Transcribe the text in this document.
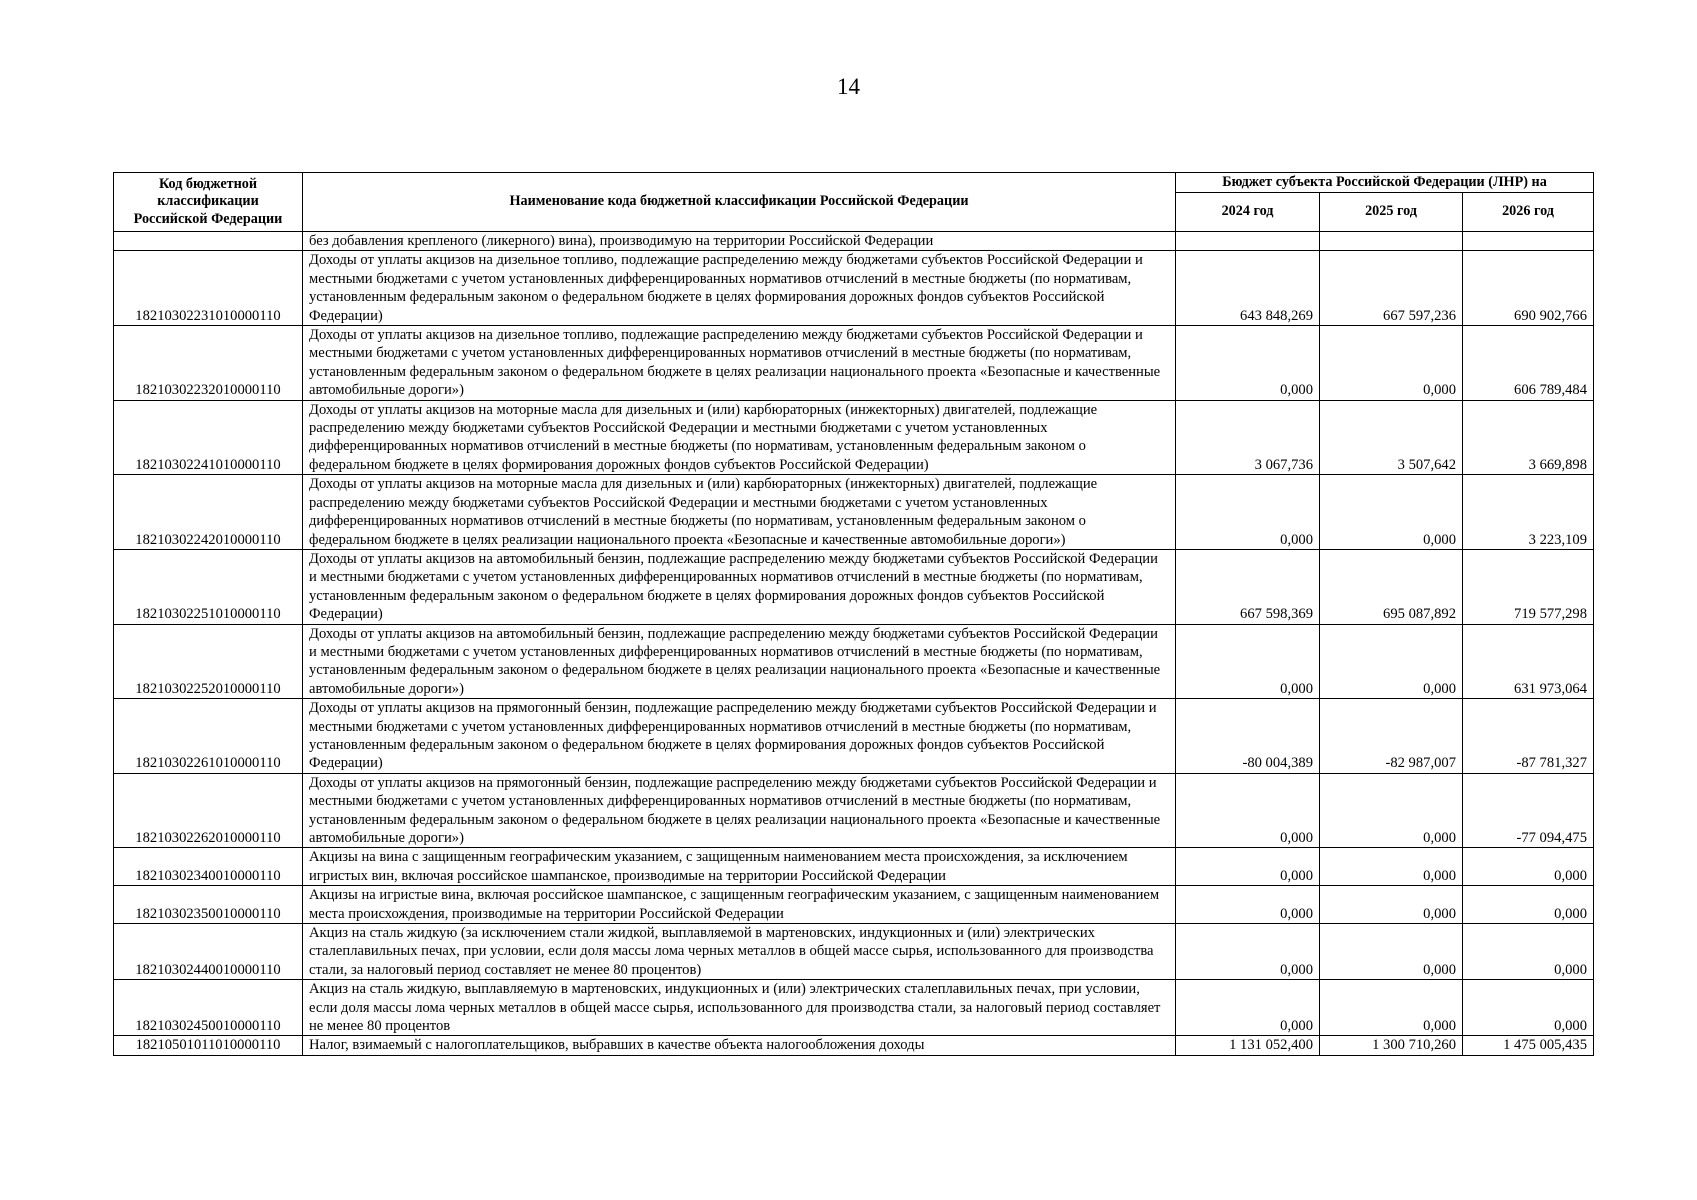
14
Код бюджетной классификации Российской Федерации	Наименование кода бюджетной классификации Российской Федерации	Бюджет субъекта Российской Федерации (ЛНР) на		
		2024 год	2025 год	2026 год
	без добавления крепленого (ликерного) вина), производимую на территории Российской Федерации			
18210302231010000110	Доходы от уплаты акцизов на дизельное топливо, подлежащие распределению между бюджетами субъектов Российской Федерации и местными бюджетами с учетом установленных дифференцированных нормативов отчислений в местные бюджеты (по нормативам, установленным федеральным законом о федеральном бюджете в целях формирования дорожных фондов субъектов Российской Федерации)	643 848,269	667 597,236	690 902,766
18210302232010000110	Доходы от уплаты акцизов на дизельное топливо, подлежащие распределению между бюджетами субъектов Российской Федерации и местными бюджетами с учетом установленных дифференцированных нормативов отчислений в местные бюджеты (по нормативам, установленным федеральным законом о федеральном бюджете в целях реализации национального проекта «Безопасные и качественные автомобильные дороги»)	0,000	0,000	606 789,484
18210302241010000110	Доходы от уплаты акцизов на моторные масла для дизельных и (или) карбюраторных (инжекторных) двигателей, подлежащие распределению между бюджетами субъектов Российской Федерации и местными бюджетами с учетом установленных дифференцированных нормативов отчислений в местные бюджеты (по нормативам, установленным федеральным законом о федеральном бюджете в целях формирования дорожных фондов субъектов Российской Федерации)	3 067,736	3 507,642	3 669,898
18210302242010000110	Доходы от уплаты акцизов на моторные масла для дизельных и (или) карбюраторных (инжекторных) двигателей, подлежащие распределению между бюджетами субъектов Российской Федерации и местными бюджетами с учетом установленных дифференцированных нормативов отчислений в местные бюджеты (по нормативам, установленным федеральным законом о федеральном бюджете в целях реализации национального проекта «Безопасные и качественные автомобильные дороги»)	0,000	0,000	3 223,109
18210302251010000110	Доходы от уплаты акцизов на автомобильный бензин, подлежащие распределению между бюджетами субъектов Российской Федерации и местными бюджетами с учетом установленных дифференцированных нормативов отчислений в местные бюджеты (по нормативам, установленным федеральным законом о федеральном бюджете в целях формирования дорожных фондов субъектов Российской Федерации)	667 598,369	695 087,892	719 577,298
18210302252010000110	Доходы от уплаты акцизов на автомобильный бензин, подлежащие распределению между бюджетами субъектов Российской Федерации и местными бюджетами с учетом установленных дифференцированных нормативов отчислений в местные бюджеты (по нормативам, установленным федеральным законом о федеральном бюджете в целях реализации национального проекта «Безопасные и качественные автомобильные дороги»)	0,000	0,000	631 973,064
18210302261010000110	Доходы от уплаты акцизов на прямогонный бензин, подлежащие распределению между бюджетами субъектов Российской Федерации и местными бюджетами с учетом установленных дифференцированных нормативов отчислений в местные бюджеты (по нормативам, установленным федеральным законом о федеральном бюджете в целях формирования дорожных фондов субъектов Российской Федерации)	-80 004,389	-82 987,007	-87 781,327
18210302262010000110	Доходы от уплаты акцизов на прямогонный бензин, подлежащие распределению между бюджетами субъектов Российской Федерации и местными бюджетами с учетом установленных дифференцированных нормативов отчислений в местные бюджеты (по нормативам, установленным федеральным законом о федеральном бюджете в целях реализации национального проекта «Безопасные и качественные автомобильные дороги»)	0,000	0,000	-77 094,475
18210302340010000110	Акцизы на вина с защищенным географическим указанием, с защищенным наименованием места происхождения, за исключением игристых вин, включая российское шампанское, производимые на территории Российской Федерации	0,000	0,000	0,000
18210302350010000110	Акцизы на игристые вина, включая российское шампанское, с защищенным географическим указанием, с защищенным наименованием места происхождения, производимые на территории Российской Федерации	0,000	0,000	0,000
18210302440010000110	Акциз на сталь жидкую (за исключением стали жидкой, выплавляемой в мартеновских, индукционных и (или) электрических сталеплавильных печах, при условии, если доля массы лома черных металлов в общей массе сырья, использованного для производства стали, за налоговый период составляет не менее 80 процентов)	0,000	0,000	0,000
18210302450010000110	Акциз на сталь жидкую, выплавляемую в мартеновских, индукционных и (или) электрических сталеплавильных печах, при условии, если доля массы лома черных металлов в общей массе сырья, использованного для производства стали, за налоговый период составляет не менее 80 процентов	0,000	0,000	0,000
18210501011010000110	Налог, взимаемый с налогоплательщиков, выбравших в качестве объекта налогообложения доходы	1 131 052,400	1 300 710,260	1 475 005,435
